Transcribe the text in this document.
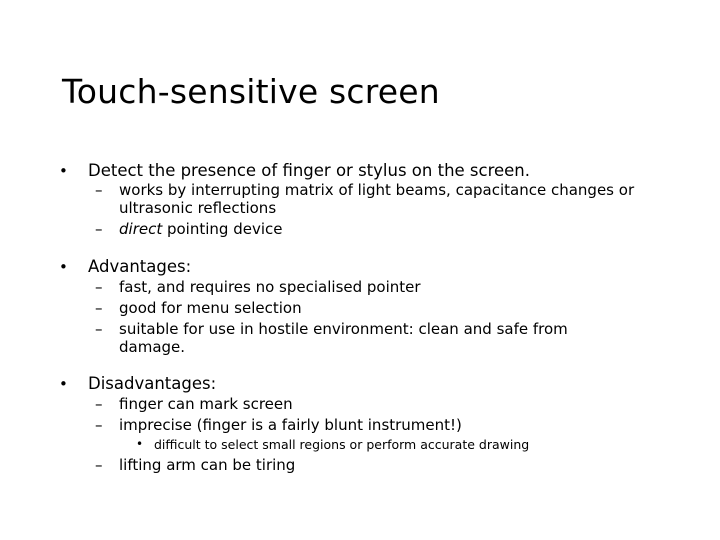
Touch-sensitive screen
• Detect the presence of finger or stylus on the screen.
– works by interrupting matrix of light beams, capacitance changes or ultrasonic reflections
– direct pointing device
• Advantages:
– fast, and requires no specialised pointer
– good for menu selection
– suitable for use in hostile environment: clean and safe from damage.
• Disadvantages:
– finger can mark screen
– imprecise (finger is a fairly blunt instrument!)
• difficult to select small regions or perform accurate drawing
– lifting arm can be tiring
